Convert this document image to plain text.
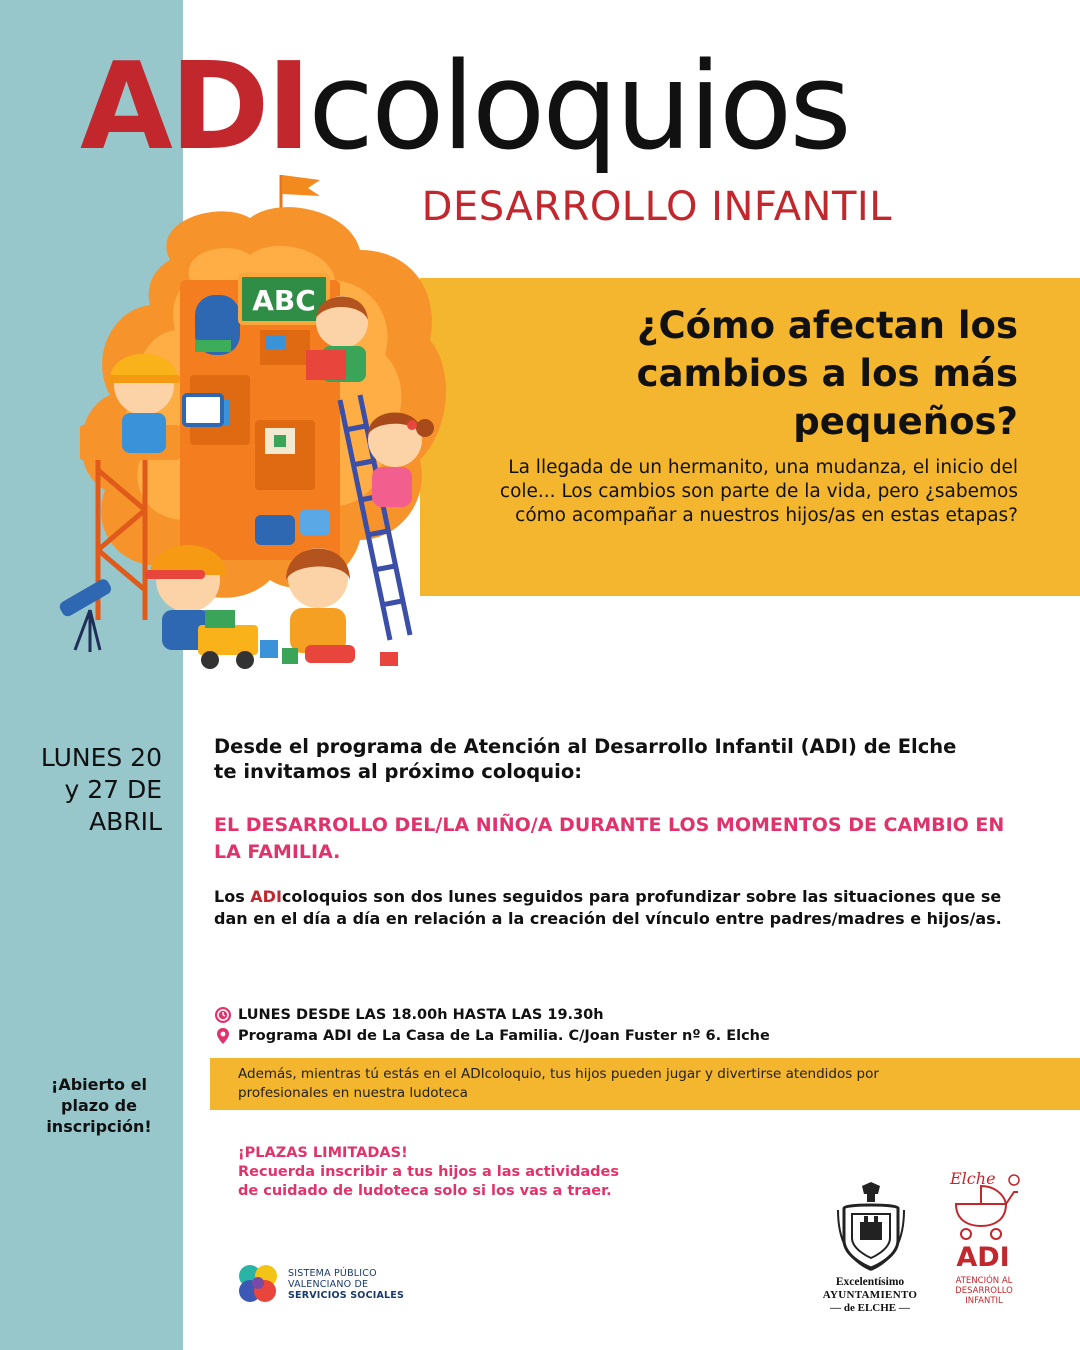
ADIcoloquios
DESARROLLO INFANTIL
ABC
¿Cómo afectan los
cambios a los más
pequeños?
La llegada de un hermanito, una mudanza, el inicio del
cole... Los cambios son parte de la vida, pero ¿sabemos
cómo acompañar a nuestros hijos/as en estas etapas?
LUNES 20
y 27 DE
ABRIL
Desde el programa de Atención al Desarrollo Infantil (ADI) de Elche
te invitamos al próximo coloquio:
EL DESARROLLO DEL/LA NIÑO/A DURANTE LOS MOMENTOS DE CAMBIO EN
LA FAMILIA.
Los ADIcoloquios son dos lunes seguidos para profundizar sobre las situaciones que se dan en el día a día en relación a la creación del vínculo entre padres/madres e hijos/as.
LUNES DESDE LAS 18.00h HASTA LAS 19.30h
Programa ADI de La Casa de La Familia. C/Joan Fuster nº 6. Elche
Además, mientras tú estás en el ADIcoloquio, tus hijos pueden jugar y divertirse atendidos por
profesionales en nuestra ludoteca
¡Abierto el
plazo de
inscripción!
¡PLAZAS LIMITADAS!
Recuerda inscribir a tus hijos a las actividades
de cuidado de ludoteca solo si los vas a traer.
SISTEMA PÚBLICO
VALENCIANO DE
SERVICIOS SOCIALES
Excelentísimo
AYUNTAMIENTO
— de ELCHE —
Elche
ADI
ATENCIÓN AL
DESARROLLO
INFANTIL
